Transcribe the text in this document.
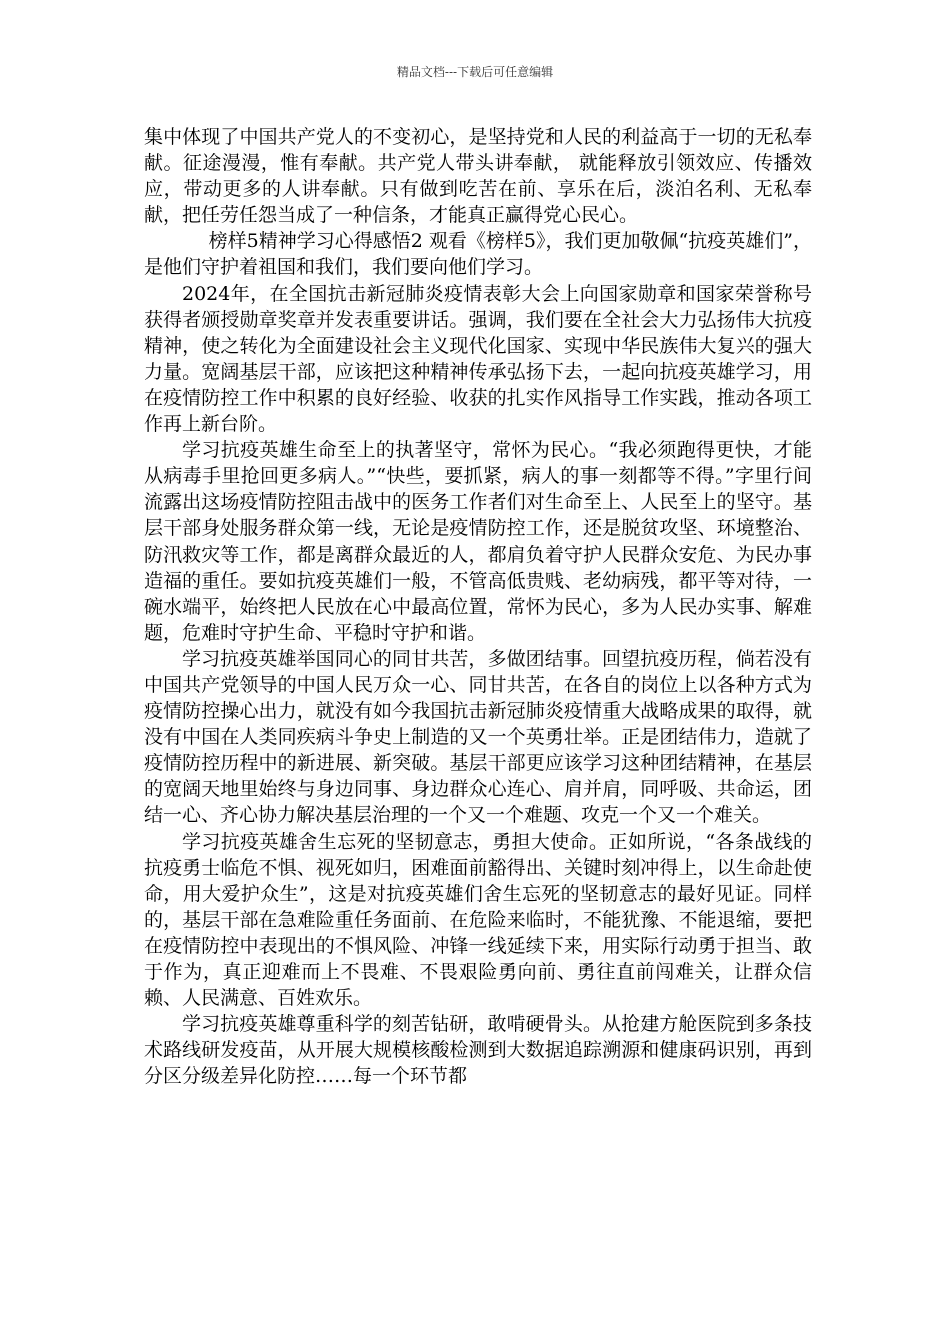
精品文档---下载后可任意编辑

集中体现了中国共产党人的不变初心，是坚持党和人民的利益高于一切的无私奉献。征途漫漫，惟有奉献。共产党人带头讲奉献， 就能释放引领效应、传播效应，带动更多的人讲奉献。只有做到吃苦在前、享乐在后，淡泊名利、无私奉献，把任劳任怨当成了一种信条，才能真正赢得党心民心。

榜样5精神学习心得感悟2 观看《榜样5》，我们更加敬佩“抗疫英雄们”，是他们守护着祖国和我们，我们要向他们学习。

2024年，在全国抗击新冠肺炎疫情表彰大会上向国家勋章和国家荣誉称号获得者颁授勋章奖章并发表重要讲话。强调，我们要在全社会大力弘扬伟大抗疫精神，使之转化为全面建设社会主义现代化国家、实现中华民族伟大复兴的强大力量。宽阔基层干部，应该把这种精神传承弘扬下去，一起向抗疫英雄学习，用在疫情防控工作中积累的良好经验、收获的扎实作风指导工作实践，推动各项工作再上新台阶。

学习抗疫英雄生命至上的执著坚守，常怀为民心。“我必须跑得更快，才能从病毒手里抢回更多病人。”“快些，要抓紧，病人的事一刻都等不得。”字里行间流露出这场疫情防控阻击战中的医务工作者们对生命至上、人民至上的坚守。基层干部身处服务群众第一线，无论是疫情防控工作，还是脱贫攻坚、环境整治、防汛救灾等工作，都是离群众最近的人，都肩负着守护人民群众安危、为民办事造福的重任。要如抗疫英雄们一般，不管高低贵贱、老幼病残，都平等对待，一碗水端平，始终把人民放在心中最高位置，常怀为民心，多为人民办实事、解难题，危难时守护生命、平稳时守护和谐。

学习抗疫英雄举国同心的同甘共苦，多做团结事。回望抗疫历程，倘若没有中国共产党领导的中国人民万众一心、同甘共苦，在各自的岗位上以各种方式为疫情防控操心出力，就没有如今我国抗击新冠肺炎疫情重大战略成果的取得，就没有中国在人类同疾病斗争史上制造的又一个英勇壮举。正是团结伟力，造就了疫情防控历程中的新进展、新突破。基层干部更应该学习这种团结精神，在基层的宽阔天地里始终与身边同事、身边群众心连心、肩并肩，同呼吸、共命运，团结一心、齐心协力解决基层治理的一个又一个难题、攻克一个又一个难关。

学习抗疫英雄舍生忘死的坚韧意志，勇担大使命。正如所说，“各条战线的抗疫勇士临危不惧、视死如归，困难面前豁得出、关键时刻冲得上，以生命赴使命，用大爱护众生”，这是对抗疫英雄们舍生忘死的坚韧意志的最好见证。同样的，基层干部在急难险重任务面前、在危险来临时，不能犹豫、不能退缩，要把在疫情防控中表现出的不惧风险、冲锋一线延续下来，用实际行动勇于担当、敢于作为，真正迎难而上不畏难、不畏艰险勇向前、勇往直前闯难关，让群众信赖、人民满意、百姓欢乐。

学习抗疫英雄尊重科学的刻苦钻研，敢啃硬骨头。从抢建方舱医院到多条技术路线研发疫苗，从开展大规模核酸检测到大数据追踪溯源和健康码识别，再到分区分级差异化防控……每一个环节都
